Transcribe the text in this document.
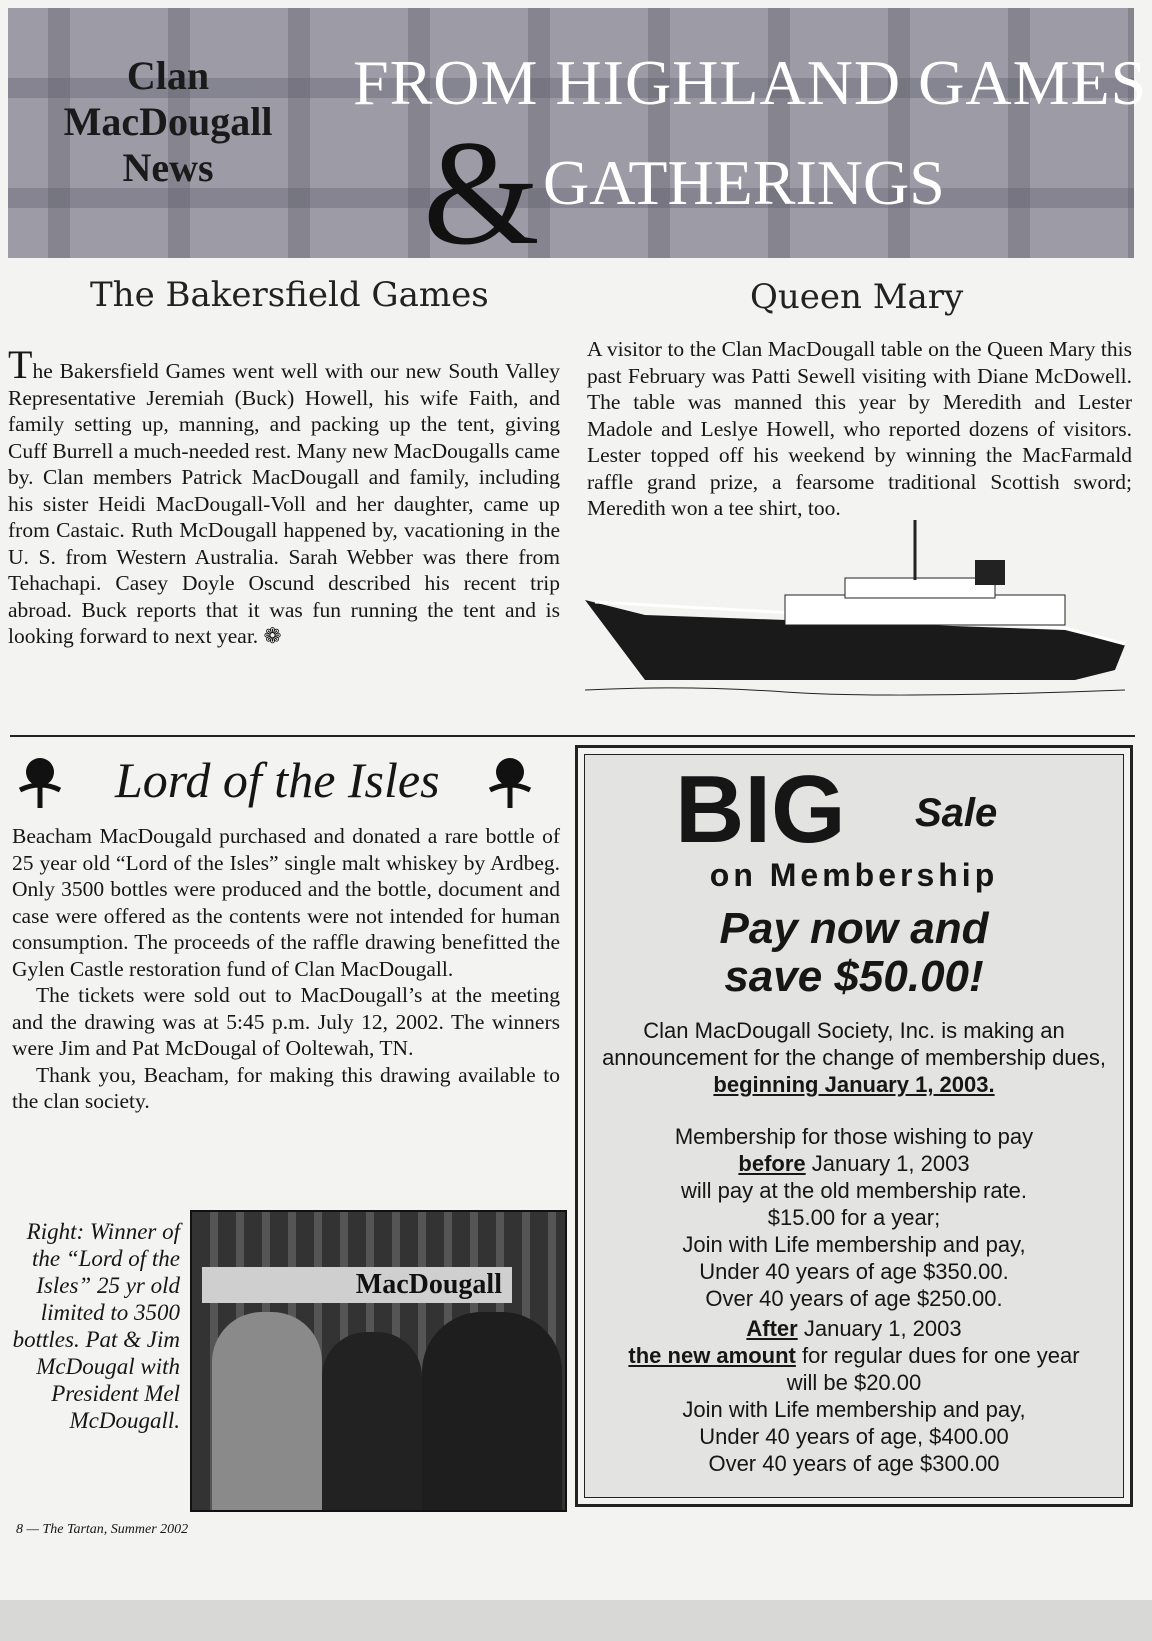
Clan MacDougall News
FROM HIGHLAND GAMES
& GATHERINGS
The Bakersfield Games

The Bakersfield Games went well with our new South Valley Representative Jeremiah (Buck) Howell, his wife Faith, and family setting up, manning, and packing up the tent, giving Cuff Burrell a much-needed rest. Many new MacDougalls came by. Clan members Patrick MacDougall and family, including his sister Heidi MacDougall-Voll and her daughter, came up from Castaic. Ruth McDougall happened by, vacationing in the U. S. from Western Australia. Sarah Webber was there from Tehachapi. Casey Doyle Oscund described his recent trip abroad. Buck reports that it was fun running the tent and is looking forward to next year. ❁

Queen Mary

A visitor to the Clan MacDougall table on the Queen Mary this past February was Patti Sewell visiting with Diane McDowell. The table was manned this year by Meredith and Lester Madole and Leslye Howell, who reported dozens of visitors. Lester topped off his weekend by winning the MacFarmald raffle grand prize, a fearsome traditional Scottish sword; Meredith won a tee shirt, too.

Lord of the Isles

Beacham MacDougald purchased and donated a rare bottle of 25 year old “Lord of the Isles” single malt whiskey by Ardbeg. Only 3500 bottles were produced and the bottle, document and case were offered as the contents were not intended for human consumption. The proceeds of the raffle drawing benefitted the Gylen Castle restoration fund of Clan MacDougall.

The tickets were sold out to MacDougall’s at the meeting and the drawing was at 5:45 p.m. July 12, 2002. The winners were Jim and Pat McDougal of Ooltewah, TN.

Thank you, Beacham, for making this drawing available to the clan society.

Right: Winner of the “Lord of the Isles” 25 yr old limited to 3500 bottles. Pat & Jim McDougal with President Mel McDougall.
MacDougall
BIG Sale
on Membership
Pay now and save $50.00!
Clan MacDougall Society, Inc. is making an announcement for the change of membership dues, beginning January 1, 2003.
Membership for those wishing to pay
before January 1, 2003
will pay at the old membership rate.
$15.00 for a year;
Join with Life membership and pay,
Under 40 years of age $350.00.
Over 40 years of age $250.00.
After January 1, 2003
the new amount for regular dues for one year
will be $20.00
Join with Life membership and pay,
Under 40 years of age, $400.00
Over 40 years of age $300.00
8 — The Tartan, Summer 2002
